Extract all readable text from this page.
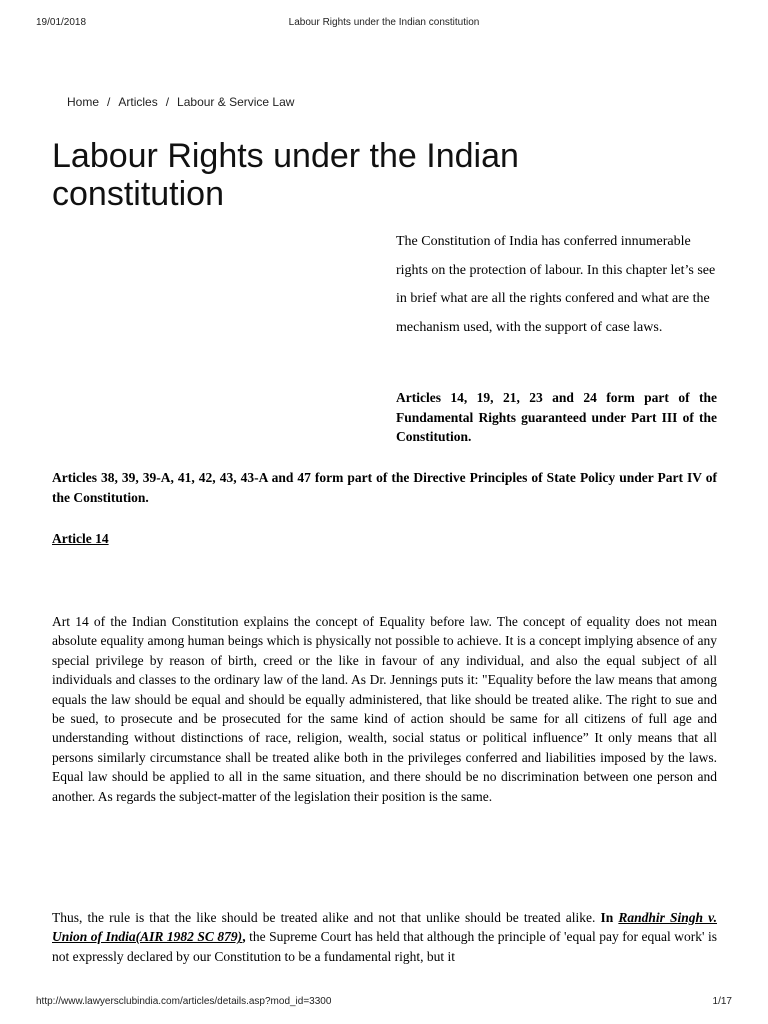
19/01/2018	Labour Rights under the Indian constitution
Home / Articles / Labour & Service Law
Labour Rights under the Indian constitution

The Constitution of India has conferred innumerable rights on the protection of labour. In this chapter let’s see in brief what are all the rights confered and what are the mechanism used, with the support of case laws.

Articles 14, 19, 21, 23 and 24 form part of the Fundamental Rights guaranteed under Part III of the Constitution.

Articles 38, 39, 39-A, 41, 42, 43, 43-A and 47 form part of the Directive Principles of State Policy under Part IV of the Constitution.

Article 14

Art 14 of the Indian Constitution explains the concept of Equality before law. The concept of equality does not mean absolute equality among human beings which is physically not possible to achieve. It is a concept implying absence of any special privilege by reason of birth, creed or the like in favour of any individual, and also the equal subject of all individuals and classes to the ordinary law of the land. As Dr. Jennings puts it: "Equality before the law means that among equals the law should be equal and should be equally administered, that like should be treated alike. The right to sue and be sued, to prosecute and be prosecuted for the same kind of action should be same for all citizens of full age and understanding without distinctions of race, religion, wealth, social status or political influence” It only means that all persons similarly circumstance shall be treated alike both in the privileges conferred and liabilities imposed by the laws. Equal law should be applied to all in the same situation, and there should be no discrimination between one person and another. As regards the subject-matter of the legislation their position is the same.

Thus, the rule is that the like should be treated alike and not that unlike should be treated alike. In Randhir Singh v. Union of India(AIR 1982 SC 879), the Supreme Court has held that although the principle of 'equal pay for equal work' is not expressly declared by our Constitution to be a fundamental right, but it

http://www.lawyersclubindia.com/articles/details.asp?mod_id=3300	1/17
